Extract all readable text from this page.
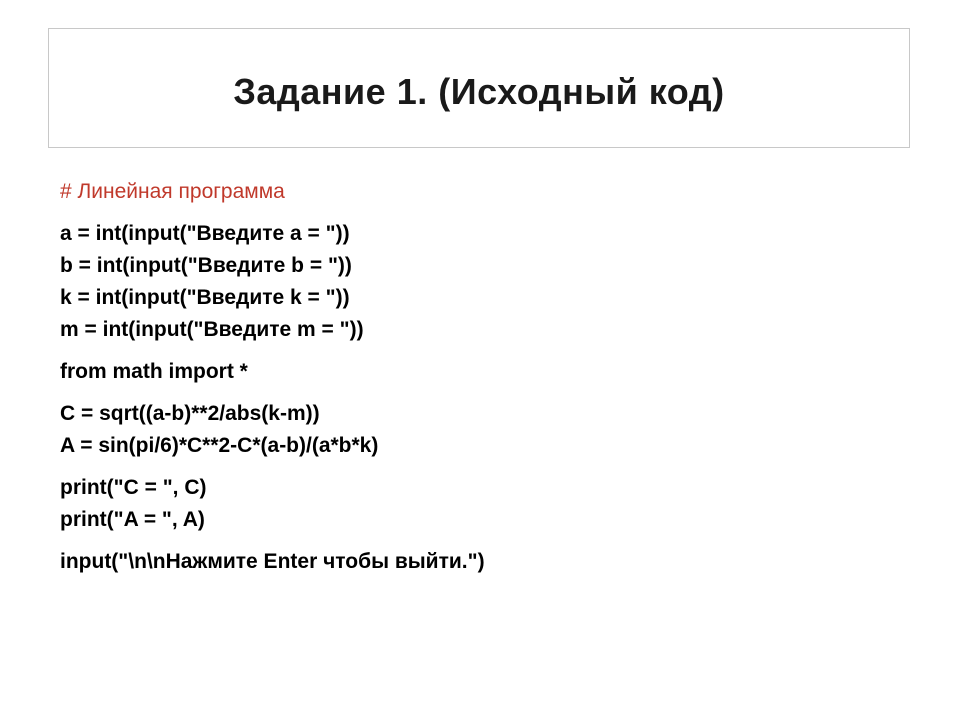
Задание 1. (Исходный код)
# Линейная программа
a = int(input("Введите a = "))
b = int(input("Введите b = "))
k = int(input("Введите k = "))
m = int(input("Введите m = "))
from math import *
C = sqrt((a-b)**2/abs(k-m))
A = sin(pi/6)*C**2-C*(a-b)/(a*b*k)
print("C = ", C)
print("A = ", A)
input("\n\nНажмите Enter чтобы выйти.")
